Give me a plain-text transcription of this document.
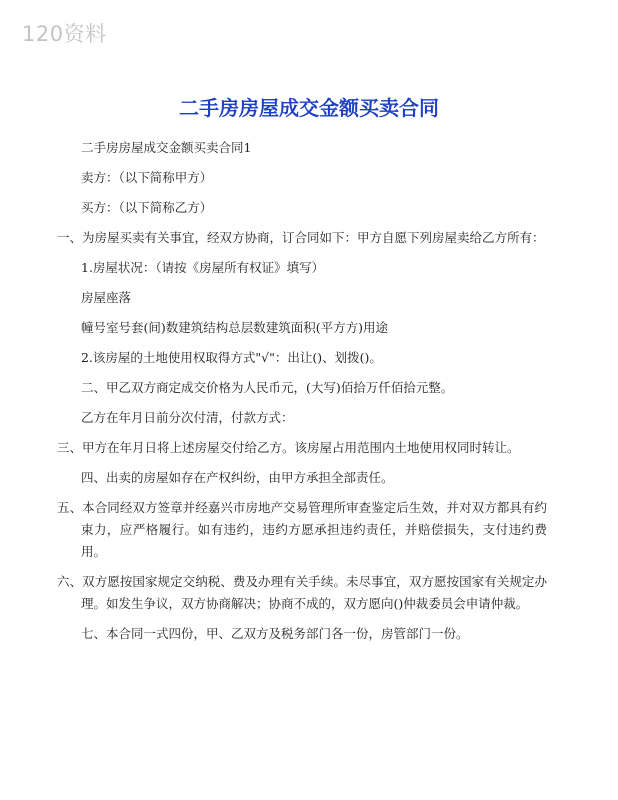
120资料
二手房房屋成交金额买卖合同

二手房房屋成交金额买卖合同1

卖方：（以下简称甲方）

买方：（以下简称乙方）

一、为房屋买卖有关事宜，经双方协商，订合同如下：甲方自愿下列房屋卖给乙方所有：

1.房屋状况：（请按《房屋所有权证》填写）

房屋座落

幢号室号套(间)数建筑结构总层数建筑面积(平方方)用途

2.该房屋的土地使用权取得方式"√"：出让()、划拨()。

二、甲乙双方商定成交价格为人民币元，(大写)佰拾万仟佰拾元整。

乙方在年月日前分次付清，付款方式：

三、甲方在年月日将上述房屋交付给乙方。该房屋占用范围内土地使用权同时转让。

四、出卖的房屋如存在产权纠纷，由甲方承担全部责任。

五、本合同经双方签章并经嘉兴市房地产交易管理所审查鉴定后生效，并对双方都具有约束力，应严格履行。如有违约，违约方愿承担违约责任，并赔偿损失，支付违约费用。

六、双方愿按国家规定交纳税、费及办理有关手续。未尽事宜，双方愿按国家有关规定办理。如发生争议，双方协商解决；协商不成的，双方愿向()仲裁委员会申请仲裁。

七、本合同一式四份，甲、乙双方及税务部门各一份，房管部门一份。
